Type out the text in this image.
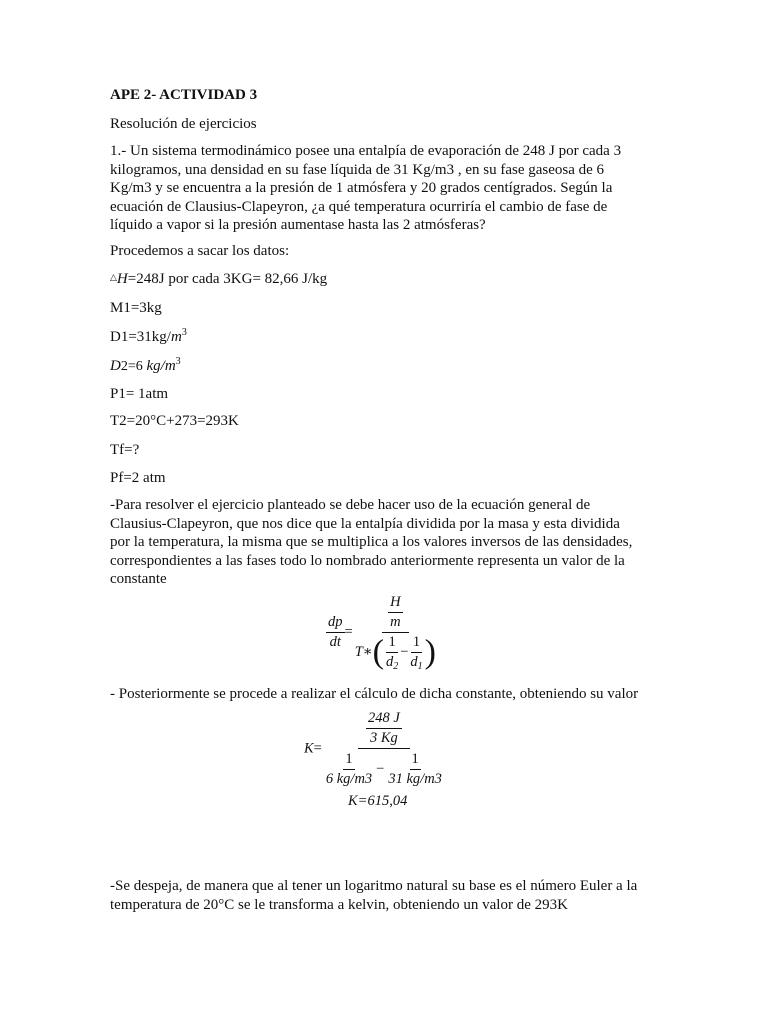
APE 2- ACTIVIDAD 3
Resolución de ejercicios
1.- Un sistema termodinámico posee una entalpía de evaporación de 248 J por cada 3
kilogramos, una densidad en su fase líquida de 31 Kg/m3 , en su fase gaseosa de 6
Kg/m3 y se encuentra a la presión de 1 atmósfera y 20 grados centígrados. Según la
ecuación de Clausius-Clapeyron, ¿a qué temperatura ocurriría el cambio de fase de
líquido a vapor si la presión aumentase hasta las 2 atmósferas?
Procedemos a sacar los datos:
△H=248J por cada 3KG= 82,66 J/kg
M1=3kg
$D1=31kg/m^3$
D2=6 $kg/m^3$
P1= 1atm
T2=20°C+273=293K
Tf=?
Pf=2 atm
-Para resolver el ejercicio planteado se debe hacer uso de la ecuación general de
Clausius-Clapeyron, que nos dice que la entalpía dividida por la masa y esta dividida
por la temperatura, la misma que se multiplica a los valores inversos de las densidades,
correspondientes a las fases todo lo nombrado anteriormente representa un valor de la
constante
$\frac{dp}{dt}$ =
$\frac{H}{m}$
T∗( $\frac{1}{d_2} - \frac{1}{d_1}$ )
- Posteriormente se procede a realizar el cálculo de dicha constante, obteniendo su valor
$K= \frac{\frac{248 J}{3 Kg}}{\frac{1}{6 kg/m3} - \frac{1}{31 kg/m3}}$
K=615,04
-Se despeja, de manera que al tener un logaritmo natural su base es el número Euler a la
temperatura de 20°C se le transforma a kelvin, obteniendo un valor de 293K
